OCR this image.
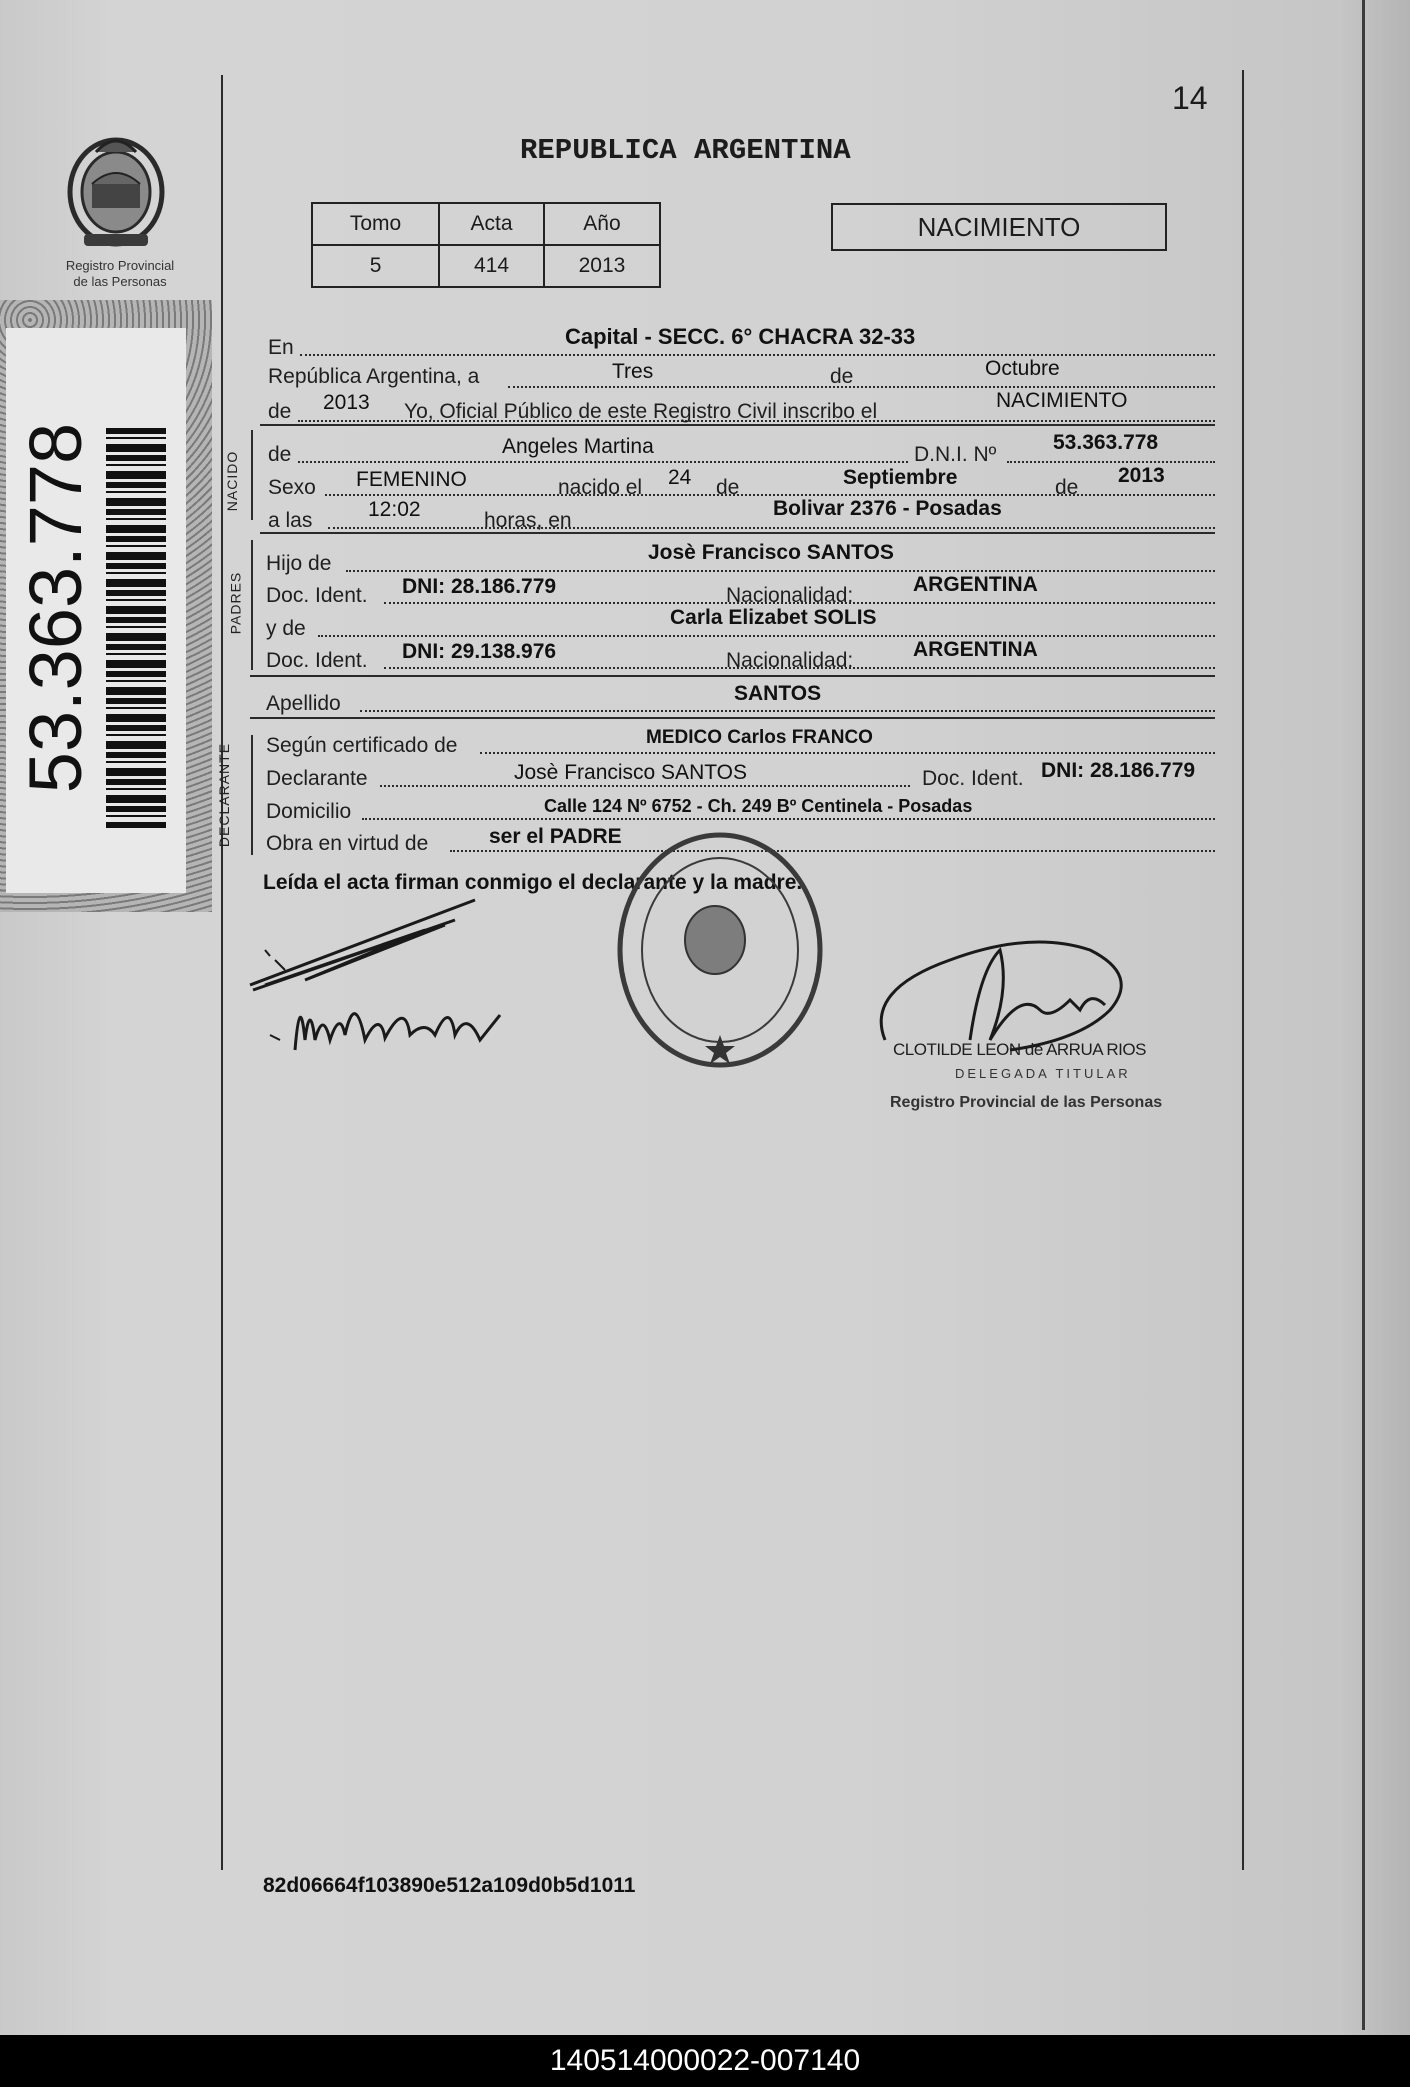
14
Registro Provincial
de las Personas
53.363.778
REPUBLICA ARGENTINA
Tomo	Acta	Año
5	414	2013
NACIMIENTO
NACIDO
PADRES
DECLARANTE
En	Capital - SECC. 6° CHACRA 32-33
República Argentina, a	Tres	de	Octubre
de 2013 Yo, Oficial Público de este Registro Civil inscribo el	NACIMIENTO
de	Angeles Martina	D.N.I. Nº
53.363.778
Sexo FEMENINO	nacido el 24 de	Septiembre	de
2013
a las	12:02	horas, en
Bolivar 2376 - Posadas
Hijo de	Josè Francisco SANTOS
Doc. Ident. DNI: 28.186.779	Nacionalidad:	ARGENTINA
y de	Carla Elizabet SOLIS
Doc. Ident. DNI: 29.138.976	Nacionalidad:	ARGENTINA
Apellido	SANTOS
Según certificado de	MEDICO Carlos FRANCO
Declarante	Josè Francisco SANTOS	Doc. Ident. DNI: 28.186.779
Domicilio	Calle 124 Nº 6752 - Ch. 249 Bº Centinela - Posadas
Obra en virtud de	ser el PADRE
Leída el acta firman conmigo el declarante y la madre.
CLOTILDE LEON de ARRUA RIOS
DELEGADA TITULAR
Registro Provincial de las Personas
82d06664f103890e512a109d0b5d1011
140514000022-007140
